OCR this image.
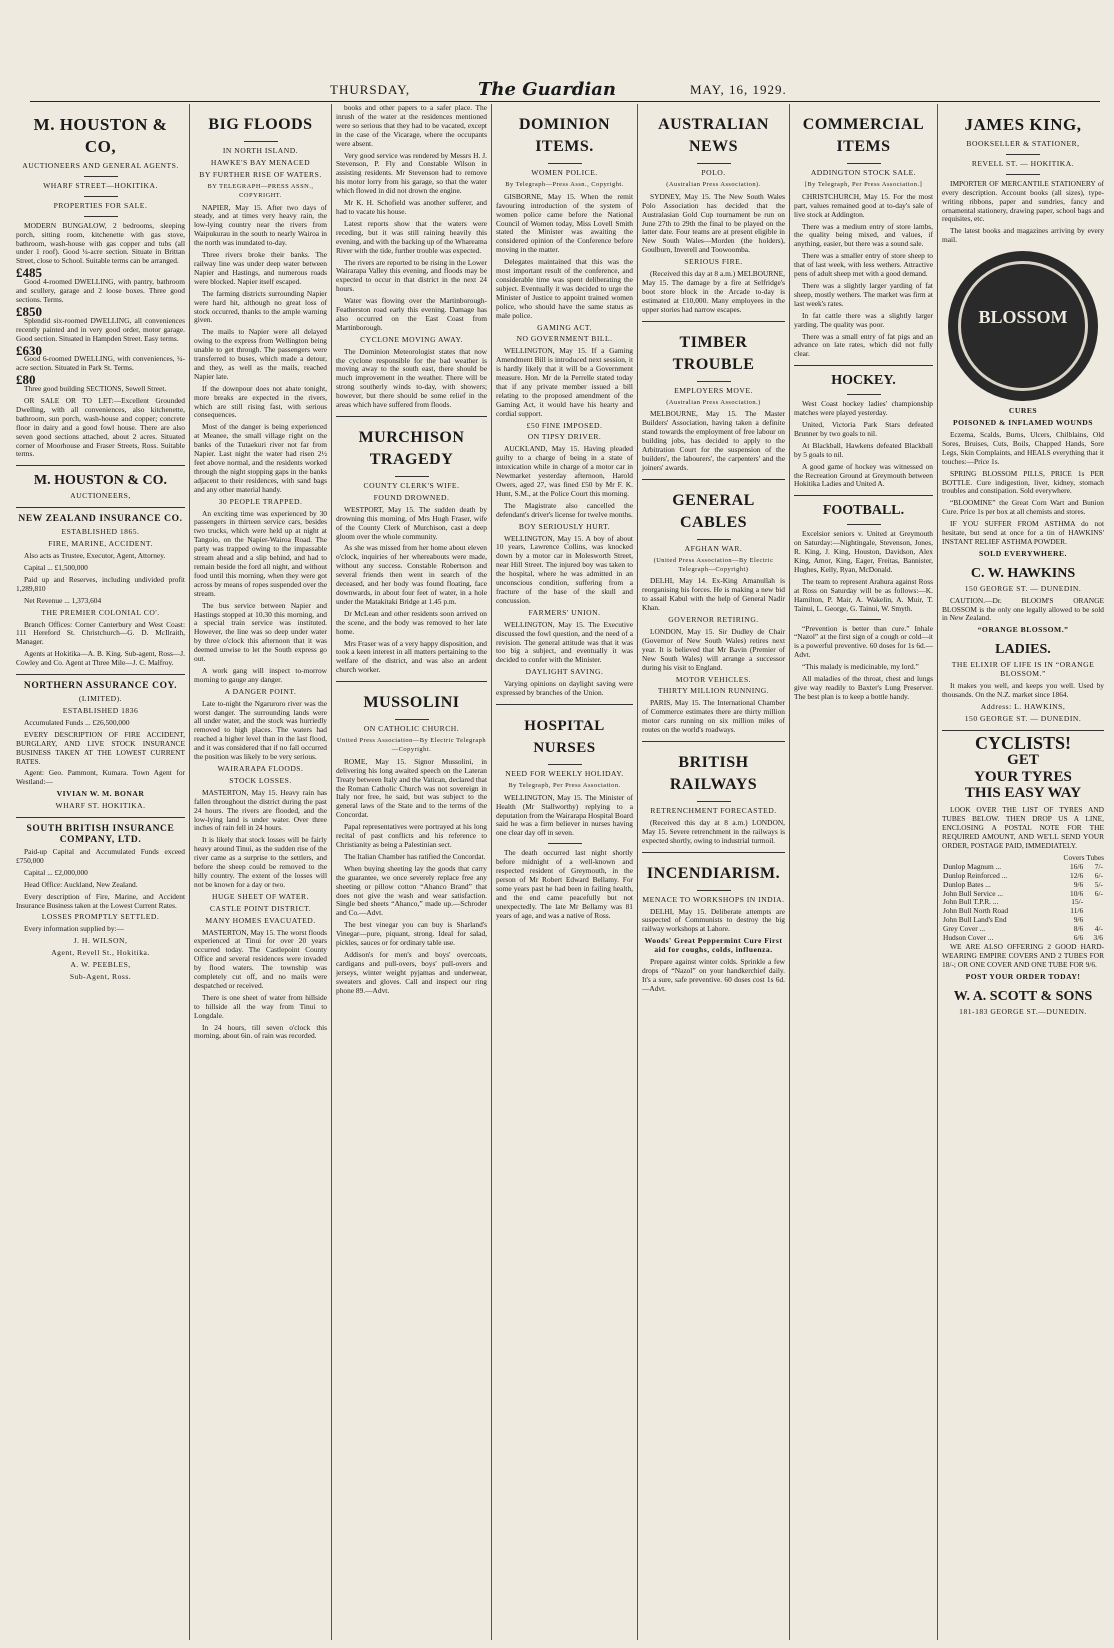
THURSDAY,	The Guardian	MAY, 16, 1929.
M. HOUSTON & CO,
AUCTIONEERS AND GENERAL AGENTS.
WHARF STREET—HOKITIKA.
PROPERTIES FOR SALE.

MODERN BUNGALOW, 2 bedrooms, sleeping porch, sitting room, kitchenette with gas stove, bathroom, wash-house with gas copper and tubs (all under 1 roof). Good ¼-acre section. Situate in Brittan Street, close to School. Suitable terms can be arranged.

£485

Good 4-roomed DWELLING, with pantry, bathroom and scullery, garage and 2 loose boxes. Three good sections. Terms.

£850

Splendid six-roomed DWELLING, all conveniences recently painted and in very good order, motor garage. Good section. Situated in Hampden Street. Easy terms.

£630

Good 6-roomed DWELLING, with conveniences, ¼-acre section. Situated in Park St. Terms.

£80

Three good building SECTIONS, Sewell Street.

OR SALE OR TO LET:—Excellent Grounded Dwelling, with all conveniences, also kitchenette, bathroom, sun porch, wash-house and copper; concrete floor in dairy and a good fowl house. There are also seven good sections attached, about 2 acres. Situated corner of Moorhouse and Fraser Streets, Ross. Suitable terms.

M. HOUSTON & CO.
AUCTIONEERS,
NEW ZEALAND INSURANCE CO.
ESTABLISHED 1865.
FIRE, MARINE, ACCIDENT.

Also acts as Trustee, Executor, Agent, Attorney.

Capital ... £1,500,000

Paid up and Reserves, including undivided profit 1,289,810

Net Revenue ... 1,373,604

THE PREMIER COLONIAL CO'.

Branch Offices: Corner Canterbury and West Coast: 111 Hereford St. Christchurch—G. D. McIlraith, Manager.

Agents at Hokitika—A. B. King. Sub-agent, Ross—J. Cowley and Co. Agent at Three Mile—J. C. Malfroy.

NORTHERN ASSURANCE COY.
(LIMITED).
ESTABLISHED 1836

Accumulated Funds ... £26,500,000

EVERY DESCRIPTION OF FIRE ACCIDENT, BURGLARY, AND LIVE STOCK INSURANCE BUSINESS TAKEN AT THE LOWEST CURRENT RATES.

Agent: Geo. Pammont, Kumara. Town Agent for Westland:—

VIVIAN W. M. BONAR
WHARF ST. HOKITIKA.
SOUTH BRITISH INSURANCE COMPANY, LTD.

Paid-up Capital and Accumulated Funds exceed £750,000

Capital ... £2,000,000

Head Office: Auckland, New Zealand.

Every description of Fire, Marine, and Accident Insurance Business taken at the Lowest Current Rates.

LOSSES PROMPTLY SETTLED.

Every information supplied by:—

J. H. WILSON,
Agent, Revell St., Hokitika.
A. W. PEEBLES,
Sub-Agent, Ross.
BIG FLOODS
IN NORTH ISLAND.
HAWKE'S BAY MENACED
BY FURTHER RISE OF WATERS.
BY TELEGRAPH—PRESS ASSN., COPYRIGHT.

NAPIER, May 15. After two days of steady, and at times very heavy rain, the low-lying country near the rivers from Waipukurau in the south to nearly Wairoa in the north was inundated to-day.

Three rivers broke their banks. The railway line was under deep water between Napier and Hastings, and numerous roads were blocked. Napier itself escaped.

The farming districts surrounding Napier were hard hit, although no great loss of stock occurred, thanks to the ample warning given.

The mails to Napier were all delayed owing to the express from Wellington being unable to get through. The passengers were transferred to buses, which made a detour, and they, as well as the mails, reached Napier late.

If the downpour does not abate tonight, more breaks are expected in the rivers, which are still rising fast, with serious consequences.

Most of the danger is being experienced at Meanee, the small village right on the banks of the Tutaekuri river not far from Napier. Last night the water had risen 2½ feet above normal, and the residents worked through the night stopping gaps in the banks adjacent to their residences, with sand bags and any other material handy.

30 PEOPLE TRAPPED.

An exciting time was experienced by 30 passengers in thirteen service cars, besides two trucks, which were held up at night at Tangoio, on the Napier-Wairoa Road. The party was trapped owing to the impassable stream ahead and a slip behind, and had to remain beside the ford all night, and without food until this morning, when they were got across by means of ropes suspended over the stream.

The bus service between Napier and Hastings stopped at 10.30 this morning, and a special train service was instituted. However, the line was so deep under water by three o'clock this afternoon that it was deemed unwise to let the South express go out.

A work gang will inspect to-morrow morning to gauge any danger.

A DANGER POINT.

Late to-night the Ngaruroro river was the worst danger. The surrounding lands were all under water, and the stock was hurriedly removed to high places. The waters had reached a higher level than in the last flood, and it was considered that if no fall occurred the position was likely to be very serious.

WAIRARAPA FLOODS.
STOCK LOSSES.

MASTERTON, May 15. Heavy rain has fallen throughout the district during the past 24 hours. The rivers are flooded, and the low-lying land is under water. Over three inches of rain fell in 24 hours.

It is likely that stock losses will be fairly heavy around Tinui, as the sudden rise of the river came as a surprise to the settlers, and before the sheep could be removed to the hilly country. The extent of the losses will not be known for a day or two.

HUGE SHEET OF WATER.
CASTLE POINT DISTRICT.
MANY HOMES EVACUATED.

MASTERTON, May 15. The worst floods experienced at Tinui for over 20 years occurred today. The Castlepoint County Office and several residences were invaded by flood waters. The township was completely cut off, and no mails were despatched or received.

There is one sheet of water from hillside to hillside all the way from Tinui to Longdale.

In 24 hours, till seven o'clock this morning, about 6in. of rain was recorded.

books and other papers to a safer place. The inrush of the water at the residences mentioned were so serious that they had to be vacated, except in the case of the Vicarage, where the occupants were absent.

Very good service was rendered by Messrs H. J. Stevenson, P. Fly and Constable Wilson in assisting residents. Mr Stevenson had to remove his motor lorry from his garage, so that the water which flowed in did not drown the engine.

Mr K. H. Schofield was another sufferer, and had to vacate his house.

Latest reports show that the waters were receding, but it was still raining heavily this evening, and with the backing up of the Whareama River with the tide, further trouble was expected.

The rivers are reported to be rising in the Lower Wairarapa Valley this evening, and floods may be expected to occur in that district in the next 24 hours.

Water was flowing over the Martinborough-Featherston road early this evening. Damage has also occurred on the East Coast from Martinborough.

CYCLONE MOVING AWAY.

The Dominion Meteorologist states that now the cyclone responsible for the bad weather is moving away to the south east, there should be much improvement in the weather. There will be strong southerly winds to-day, with showers; however, but there should be some relief in the areas which have suffered from floods.

MURCHISON TRAGEDY
COUNTY CLERK'S WIFE.
FOUND DROWNED.

WESTPORT, May 15. The sudden death by drowning this morning, of Mrs Hugh Fraser, wife of the County Clerk of Murchison, cast a deep gloom over the whole community.

As she was missed from her home about eleven o'clock, inquiries of her whereabouts were made, without any success. Constable Robertson and several friends then went in search of the deceased, and her body was found floating, face downwards, in about four feet of water, in a hole under the Matakitaki Bridge at 1.45 p.m.

Dr McLean and other residents soon arrived on the scene, and the body was removed to her late home.

Mrs Fraser was of a very happy disposition, and took a keen interest in all matters pertaining to the welfare of the district, and was also an ardent church worker.

MUSSOLINI
ON CATHOLIC CHURCH.
United Press Association—By Electric Telegraph—Copyright.

ROME, May 15. Signor Mussolini, in delivering his long awaited speech on the Lateran Treaty between Italy and the Vatican, declared that the Roman Catholic Church was not sovereign in Italy nor free, he said, but was subject to the general laws of the State and to the terms of the Concordat.

Papal representatives were portrayed at his long recital of past conflicts and his reference to Christianity as being a Palestinian sect.

The Italian Chamber has ratified the Concordat.

When buying sheeting lay the goods that carry the guarantee, we once severely replace free any sheeting or pillow cotton “Ahanco Brand” that does not give the wash and wear satisfaction. Single bed sheets “Ahanco,” made up.—Schroder and Co.—Advt.

The best vinegar you can buy is Sharland's Vinegar—pure, piquant, strong. Ideal for salad, pickles, sauces or for ordinary table use.

Addison's for men's and boys' overcoats, cardigans and pull-overs, boys' pull-overs and jerseys, winter weight pyjamas and underwear, sweaters and gloves. Call and inspect our ring phone 89.—Advt.

DOMINION ITEMS.
WOMEN POLICE.
By Telegraph—Press Assn., Copyright.

GISBORNE, May 15. When the remit favouring introduction of the system of women police came before the National Council of Women today, Miss Lovell Smith stated the Minister was awaiting the considered opinion of the Conference before moving in the matter.

Delegates maintained that this was the most important result of the conference, and considerable time was spent deliberating the subject. Eventually it was decided to urge the Minister of Justice to appoint trained women police, who should have the same status as male police.

GAMING ACT.
NO GOVERNMENT BILL.

WELLINGTON, May 15. If a Gaming Amendment Bill is introduced next session, it is hardly likely that it will be a Government measure. Hon. Mr de la Perrelle stated today that if any private member issued a bill relating to the proposed amendment of the Gaming Act, it would have his hearty and cordial support.

£50 FINE IMPOSED.
ON TIPSY DRIVER.

AUCKLAND, May 15. Having pleaded guilty to a charge of being in a state of intoxication while in charge of a motor car in Newmarket yesterday afternoon, Harold Owers, aged 27, was fined £50 by Mr F. K. Hunt, S.M., at the Police Court this morning.

The Magistrate also cancelled the defendant's driver's license for twelve months.

BOY SERIOUSLY HURT.

WELLINGTON, May 15. A boy of about 10 years, Lawrence Collins, was knocked down by a motor car in Molesworth Street, near Hill Street. The injured boy was taken to the hospital, where he was admitted in an unconscious condition, suffering from a fracture of the base of the skull and concussion.

FARMERS' UNION.

WELLINGTON, May 15. The Executive discussed the fowl question, and the need of a revision. The general attitude was that it was too big a subject, and eventually it was decided to confer with the Minister.

DAYLIGHT SAVING.

Varying opinions on daylight saving were expressed by branches of the Union.

HOSPITAL NURSES
NEED FOR WEEKLY HOLIDAY.
By Telegraph, Per Press Association.

WELLINGTON, May 15. The Minister of Health (Mr Stallworthy) replying to a deputation from the Wairarapa Hospital Board said he was a firm believer in nurses having one clear day off in seven.

The death occurred last night shortly before midnight of a well-known and respected resident of Greymouth, in the person of Mr Robert Edward Bellamy. For some years past he had been in failing health, and the end came peacefully but not unexpectedly. The late Mr Bellamy was 81 years of age, and was a native of Ross.

AUSTRALIAN NEWS
POLO.
(Australian Press Association).

SYDNEY, May 15. The New South Wales Polo Association has decided that the Australasian Gold Cup tournament be run on June 27th to 29th the final to be played on the latter date. Four teams are at present eligible in New South Wales—Morden (the holders), Goulburn, Inverell and Toowoomba.

SERIOUS FIRE.

(Received this day at 8 a.m.) MELBOURNE, May 15. The damage by a fire at Selfridge's boot store block in the Arcade to-day is estimated at £10,000. Many employees in the upper stories had narrow escapes.

TIMBER TROUBLE
EMPLOYERS MOVE.
(Australian Press Association.)

MELBOURNE, May 15. The Master Builders' Association, having taken a definite stand towards the employment of free labour on building jobs, has decided to apply to the Arbitration Court for the suspension of the builders', the labourers', the carpenters' and the joiners' awards.

GENERAL CABLES
AFGHAN WAR.
(United Press Association—By Electric Telegraph—Copyright)

DELHI, May 14. Ex-King Amanullah is reorganising his forces. He is making a new bid to assail Kabul with the help of General Nadir Khan.

GOVERNOR RETIRING.

LONDON, May 15. Sir Dudley de Chair (Governor of New South Wales) retires next year. It is believed that Mr Bavin (Premier of New South Wales) will arrange a successor during his visit to England.

MOTOR VEHICLES.
THIRTY MILLION RUNNING.

PARIS, May 15. The International Chamber of Commerce estimates there are thirty million motor cars running on six million miles of routes on the world's roadways.

BRITISH RAILWAYS
RETRENCHMENT FORECASTED.

(Received this day at 8 a.m.) LONDON, May 15. Severe retrenchment in the railways is expected shortly, owing to industrial turmoil.

INCENDIARISM.
MENACE TO WORKSHOPS IN INDIA.

DELHI, May 15. Deliberate attempts are suspected of Communists to destroy the big railway workshops at Lahore.

Woods' Great Peppermint Cure First aid for coughs, colds, influenza.

Prepare against winter colds. Sprinkle a few drops of “Nazol” on your handkerchief daily. It's a sure, safe preventive. 60 doses cost 1s 6d.—Advt.

COMMERCIAL ITEMS
ADDINGTON STOCK SALE.
[By Telegraph, Per Press Association.]

CHRISTCHURCH, May 15. For the most part, values remained good at to-day's sale of live stock at Addington.

There was a medium entry of store lambs, the quality being mixed, and values, if anything, easier, but there was a sound sale.

There was a smaller entry of store sheep to that of last week, with less wethers. Attractive pens of adult sheep met with a good demand.

There was a slightly larger yarding of fat sheep, mostly wethers. The market was firm at last week's rates.

In fat cattle there was a slightly larger yarding. The quality was poor.

There was a small entry of fat pigs and an advance on late rates, which did not fully clear.

HOCKEY.

West Coast hockey ladies' championship matches were played yesterday.

United, Victoria Park Stars defeated Brunner by two goals to nil.

At Blackball, Hawkens defeated Blackball by 5 goals to nil.

A good game of hockey was witnessed on the Recreation Ground at Greymouth between Hokitika Ladies and United A.

FOOTBALL.

Excelsior seniors v. United at Greymouth on Saturday:—Nightingale, Stevenson, Jones, R. King, J. King, Houston, Davidson, Alex King, Amor, King, Eager, Freitas, Bannister, Hughes, Kelly, Ryan, McDonald.

The team to represent Arahura against Ross at Ross on Saturday will be as follows:—K. Hamilton, P. Mair, A. Wakelin, A. Muir, T. Tainui, L. George, G. Tainui, W. Smyth.

“Prevention is better than cure.” Inhale “Nazol” at the first sign of a cough or cold—it is a powerful preventive. 60 doses for 1s 6d.—Advt.

“This malady is medicinable, my lord.”

All maladies of the throat, chest and lungs give way readily to Baxter's Lung Preserver. The best plan is to keep a bottle handy.

JAMES KING,
BOOKSELLER & STATIONER,
REVELL ST. — HOKITIKA.

IMPORTER OF MERCANTILE STATIONERY of every description. Account books (all sizes), type-writing ribbons, paper and sundries, fancy and ornamental stationery, drawing paper, school bags and requisites, etc.

The latest books and magazines arriving by every mail.

BLOSSOM
CURES
POISONED & INFLAMED WOUNDS

Eczema, Scalds, Burns, Ulcers, Chilblains, Old Sores, Bruises, Cuts, Boils, Chapped Hands, Sore Legs, Skin Complaints, and HEALS everything that it touches:—Price 1s.

SPRING BLOSSOM PILLS, PRICE 1s PER BOTTLE. Cure indigestion, liver, kidney, stomach troubles and constipation. Sold everywhere.

“BLOOMINE” the Great Corn Wart and Bunion Cure. Price 1s per box at all chemists and stores.

IF YOU SUFFER FROM ASTHMA do not hesitate, but send at once for a tin of HAWKINS' INSTANT RELIEF ASTHMA POWDER.

SOLD EVERYWHERE.
C. W. HAWKINS
150 GEORGE ST. — DUNEDIN.

CAUTION.—Dr. BLOOM'S ORANGE BLOSSOM is the only one legally allowed to be sold in New Zealand.

“ORANGE BLOSSOM.”
LADIES.
THE ELIXIR OF LIFE IS IN “ORANGE BLOSSOM.”

It makes you well, and keeps you well. Used by thousands. On the N.Z. market since 1864.

Address: L. HAWKINS,
150 GEORGE ST. — DUNEDIN.
CYCLISTS!
GET
YOUR TYRES
THIS EASY WAY

LOOK OVER THE LIST OF TYRES AND TUBES BELOW. THEN DROP US A LINE, ENCLOSING A POSTAL NOTE FOR THE REQUIRED AMOUNT, AND WE'LL SEND YOUR ORDER, POSTAGE PAID, IMMEDIATELY.

Covers Tubes
Dunlop Magnum ...	16/6	7/-
Dunlop Reinforced ...	12/6	6/-
Dunlop Bates ...	9/6	5/-
John Bull Service ...	10/6	6/-
John Bull T.P.R. ...	15/-	
John Bull North Road	11/6	
John Bull Land's End	9/6	
Grey Cover ...	8/6	4/-
Hudson Cover ...	6/6	3/6

WE ARE ALSO OFFERING 2 GOOD HARD-WEARING EMPIRE COVERS AND 2 TUBES FOR 18/-; OR ONE COVER AND ONE TUBE FOR 9/6.

POST YOUR ORDER TODAY!
W. A. SCOTT & SONS
181-183 GEORGE ST.—DUNEDIN.
